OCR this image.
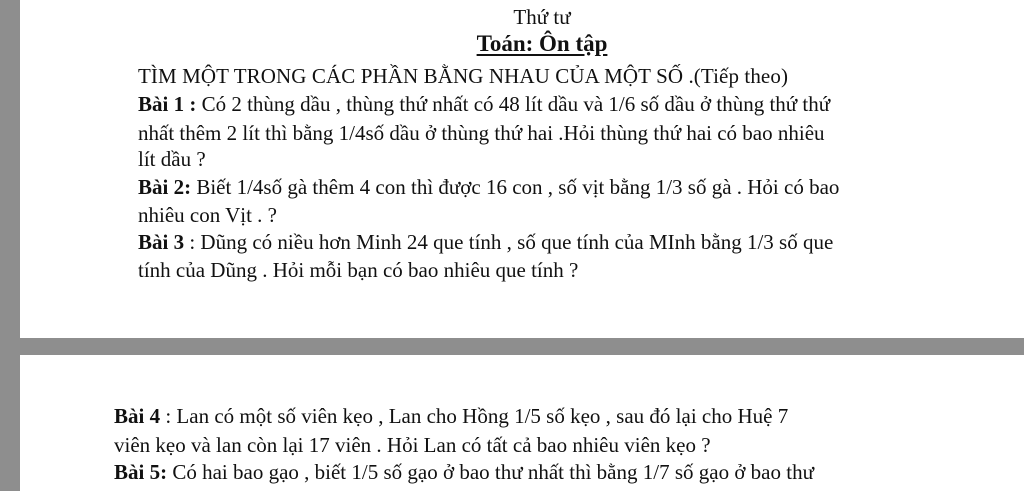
Thứ tư
Toán: Ôn tập
TÌM MỘT TRONG CÁC PHẦN BẰNG NHAU CỦA MỘT SỐ .(Tiếp theo)
Bài 1 : Có 2 thùng dầu , thùng thứ nhất có 48 lít dầu và 1/6 số dầu ở thùng thứ thứ
nhất thêm 2 lít thì bằng 1/4số dầu ở thùng thứ hai .Hỏi thùng thứ hai có bao nhiêu
lít dầu ?
Bài 2: Biết 1/4số gà thêm 4 con thì được 16 con , số vịt bằng 1/3 số gà . Hỏi có bao
nhiêu con Vịt . ?
Bài 3 : Dũng có niều hơn Minh 24 que tính , số que tính của MInh bằng 1/3 số que
tính của Dũng . Hỏi mỗi bạn có bao nhiêu que tính ?
Bài 4 : Lan có một số viên kẹo , Lan cho Hồng 1/5 số kẹo , sau đó lại cho Huệ 7
viên kẹo và lan còn lại 17 viên . Hỏi Lan có tất cả bao nhiêu viên kẹo ?
Bài 5: Có hai bao gạo , biết 1/5 số gạo ở bao thư nhất thì bằng 1/7 số gạo ở bao thư
